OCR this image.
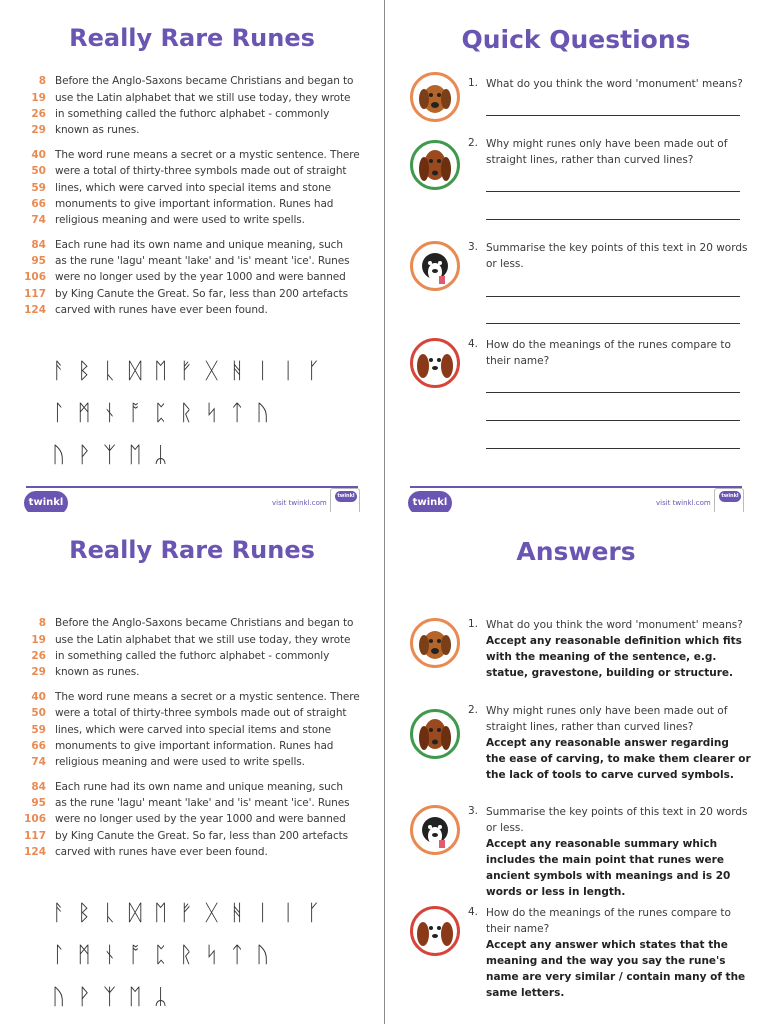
Really Rare Runes
8 Before the Anglo-Saxons became Christians and began to
19 use the Latin alphabet that we still use today, they wrote
26 in something called the futhorc alphabet - commonly
29 known as runes.
40 The word rune means a secret or a mystic sentence. There
50 were a total of thirty-three symbols made out of straight
59 lines, which were carved into special items and stone
66 monuments to give important information. Runes had
74 religious meaning and were used to write spells.
84 Each rune had its own name and unique meaning, such
95 as the rune 'lagu' meant 'lake' and 'is' meant 'ice'. Runes
106 were no longer used by the year 1000 and were banned
117 by King Canute the Great. So far, less than 200 artefacts
124 carved with runes have ever been found.
ᚨ ᛒ ᚳ ᛞ ᛖ ᚠ ᚷ ᚻ ᛁ ᛁ ᚴ
ᛚ ᛗ ᚾ ᚩ ᛈ ᚱ ᛋ ᛏ ᚢ
ᚢ ᚹ ᛉ ᛖ ᛦ
twinkl	visit twinkl.com
twinkl
Quick Questions
1. What do you think the word 'monument' means?
2. Why might runes only have been made out of straight lines, rather than curved lines?
3. Summarise the key points of this text in 20 words or less.
4. How do the meanings of the runes compare to their name?
twinkl	visit twinkl.com
twinkl
Really Rare Runes
8 Before the Anglo-Saxons became Christians and began to
19 use the Latin alphabet that we still use today, they wrote
26 in something called the futhorc alphabet - commonly
29 known as runes.
40 The word rune means a secret or a mystic sentence. There
50 were a total of thirty-three symbols made out of straight
59 lines, which were carved into special items and stone
66 monuments to give important information. Runes had
74 religious meaning and were used to write spells.
84 Each rune had its own name and unique meaning, such
95 as the rune 'lagu' meant 'lake' and 'is' meant 'ice'. Runes
106 were no longer used by the year 1000 and were banned
117 by King Canute the Great. So far, less than 200 artefacts
124 carved with runes have ever been found.
ᚨ ᛒ ᚳ ᛞ ᛖ ᚠ ᚷ ᚻ ᛁ ᛁ ᚴ
ᛚ ᛗ ᚾ ᚩ ᛈ ᚱ ᛋ ᛏ ᚢ
ᚢ ᚹ ᛉ ᛖ ᛦ
Answers
1. What do you think the word 'monument' means?
Accept any reasonable definition which fits with the meaning of the sentence, e.g. statue, gravestone, building or structure.
2. Why might runes only have been made out of straight lines, rather than curved lines?
Accept any reasonable answer regarding the ease of carving, to make them clearer or the lack of tools to carve curved symbols.
3. Summarise the key points of this text in 20 words or less.
Accept any reasonable summary which includes the main point that runes were ancient symbols with meanings and is 20 words or less in length.
4. How do the meanings of the runes compare to their name?
Accept any answer which states that the meaning and the way you say the rune's name are very similar / contain many of the same letters.
